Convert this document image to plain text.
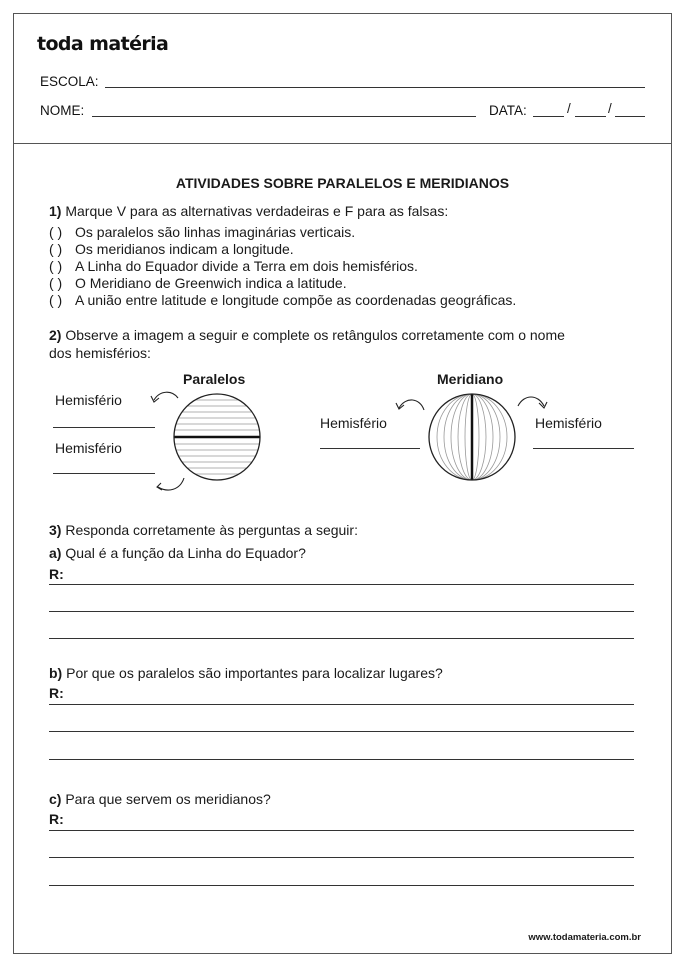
toda matéria
ESCOLA:
NOME:	DATA:	/	/
ATIVIDADES SOBRE PARALELOS E MERIDIANOS
1) Marque V para as alternativas verdadeiras e F para as falsas:
( ) Os paralelos são linhas imaginárias verticais.
( ) Os meridianos indicam a longitude.
( ) A Linha do Equador divide a Terra em dois hemisférios.
( ) O Meridiano de Greenwich indica a latitude.
( ) A união entre latitude e longitude compõe as coordenadas geográficas.
2) Observe a imagem a seguir e complete os retângulos corretamente com o nome
dos hemisférios:
Paralelos	Meridiano
Hemisfério
Hemisfério
Hemisfério	Hemisfério
3) Responda corretamente às perguntas a seguir:
a) Qual é a função da Linha do Equador?
R:
b) Por que os paralelos são importantes para localizar lugares?
R:
c) Para que servem os meridianos?
R:
www.todamateria.com.br
